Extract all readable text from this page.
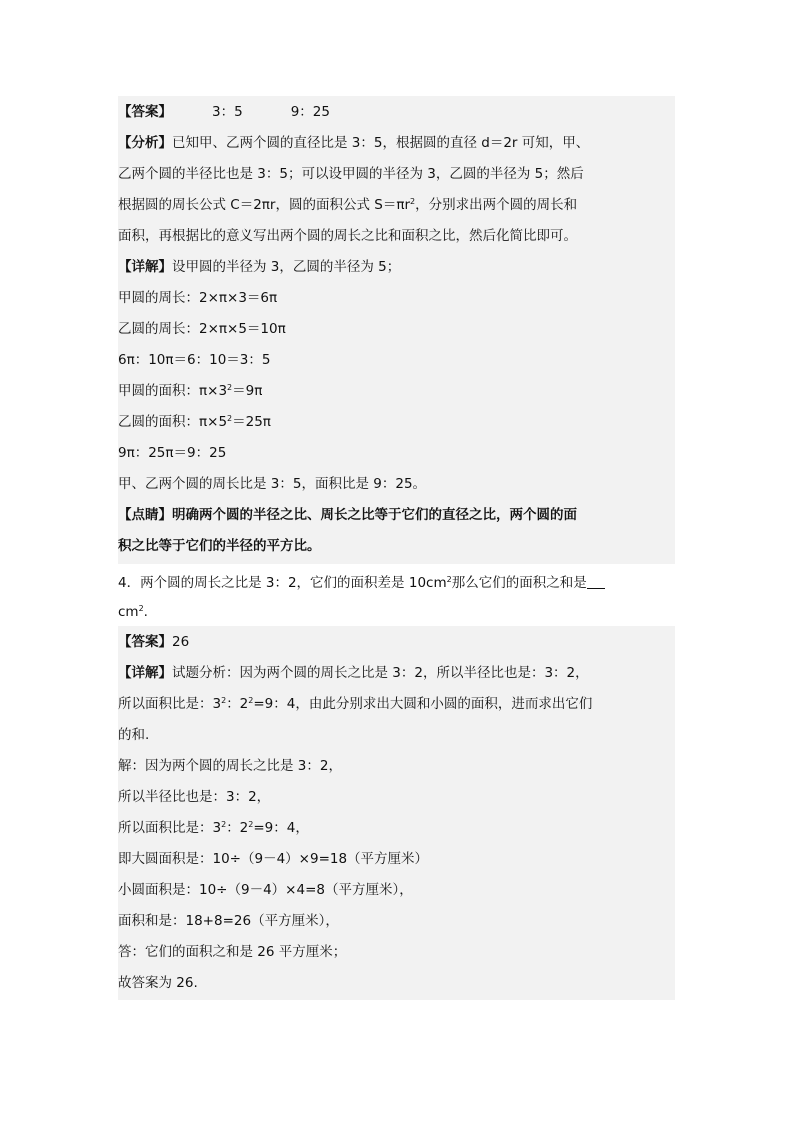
【答案】	3：5	9：25
【分析】已知甲、乙两个圆的直径比是 3：5，根据圆的直径 d＝2r 可知，甲、
乙两个圆的半径比也是 3：5；可以设甲圆的半径为 3，乙圆的半径为 5；然后
根据圆的周长公式 C＝2πr，圆的面积公式 $S=\pi r^2$，分别求出两个圆的周长和
面积，再根据比的意义写出两个圆的周长之比和面积之比，然后化简比即可。
【详解】设甲圆的半径为 3，乙圆的半径为 5；
甲圆的周长：2×π×3＝6π
乙圆的周长：2×π×5＝10π
6π：10π＝6：10＝3：5
甲圆的面积：$\pi\times 3^2=9\pi$
乙圆的面积：$\pi\times 5^2=25\pi$
9π：25π＝9：25
甲、乙两个圆的周长比是 3：5，面积比是 9：25。
【点睛】明确两个圆的半径之比、周长之比等于它们的直径之比，两个圆的面
积之比等于它们的半径的平方比。
4．两个圆的周长之比是 3：2，它们的面积差是 $10cm^2$那么它们的面积之和是
$cm^2$.
【答案】26
【详解】试题分析：因为两个圆的周长之比是 3：2，所以半径比也是：3：2，
所以面积比是：$3^2$：$2^2=9$：4，由此分别求出大圆和小圆的面积，进而求出它们
的和.
解：因为两个圆的周长之比是 3：2，
所以半径比也是：3：2，
所以面积比是：$3^2$：$2^2=9$：4，
即大圆面积是：10÷（9－4）×9=18（平方厘米）
小圆面积是：10÷（9－4）×4=8（平方厘米），
面积和是：18+8=26（平方厘米），
答：它们的面积之和是 26 平方厘米；
故答案为 26.
